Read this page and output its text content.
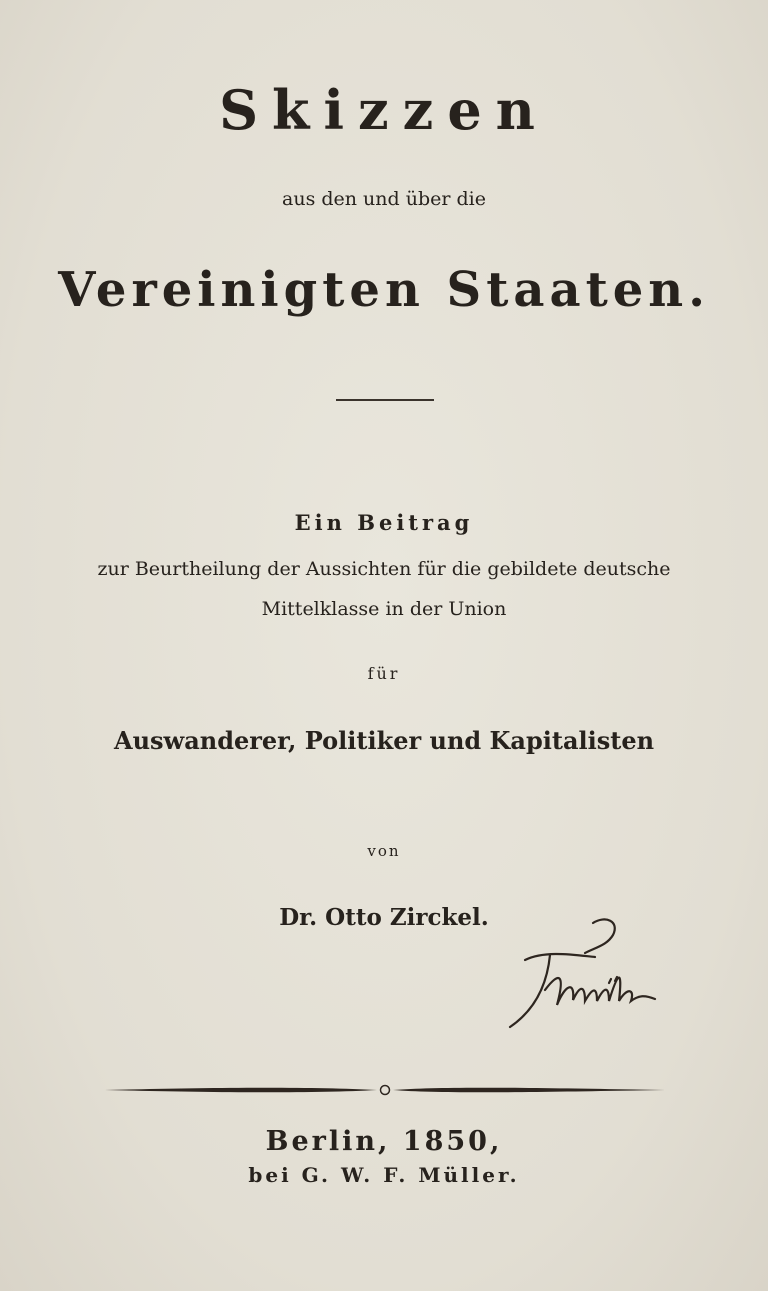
Skizzen
aus den und über die
Vereinigten Staaten.
Ein Beitrag
zur Beurtheilung der Aussichten für die gebildete deutsche
Mittelklasse in der Union
für
Auswanderer, Politiker und Kapitalisten
von
Dr. Otto Zirckel.
Berlin, 1850,
bei G. W. F. Müller.
